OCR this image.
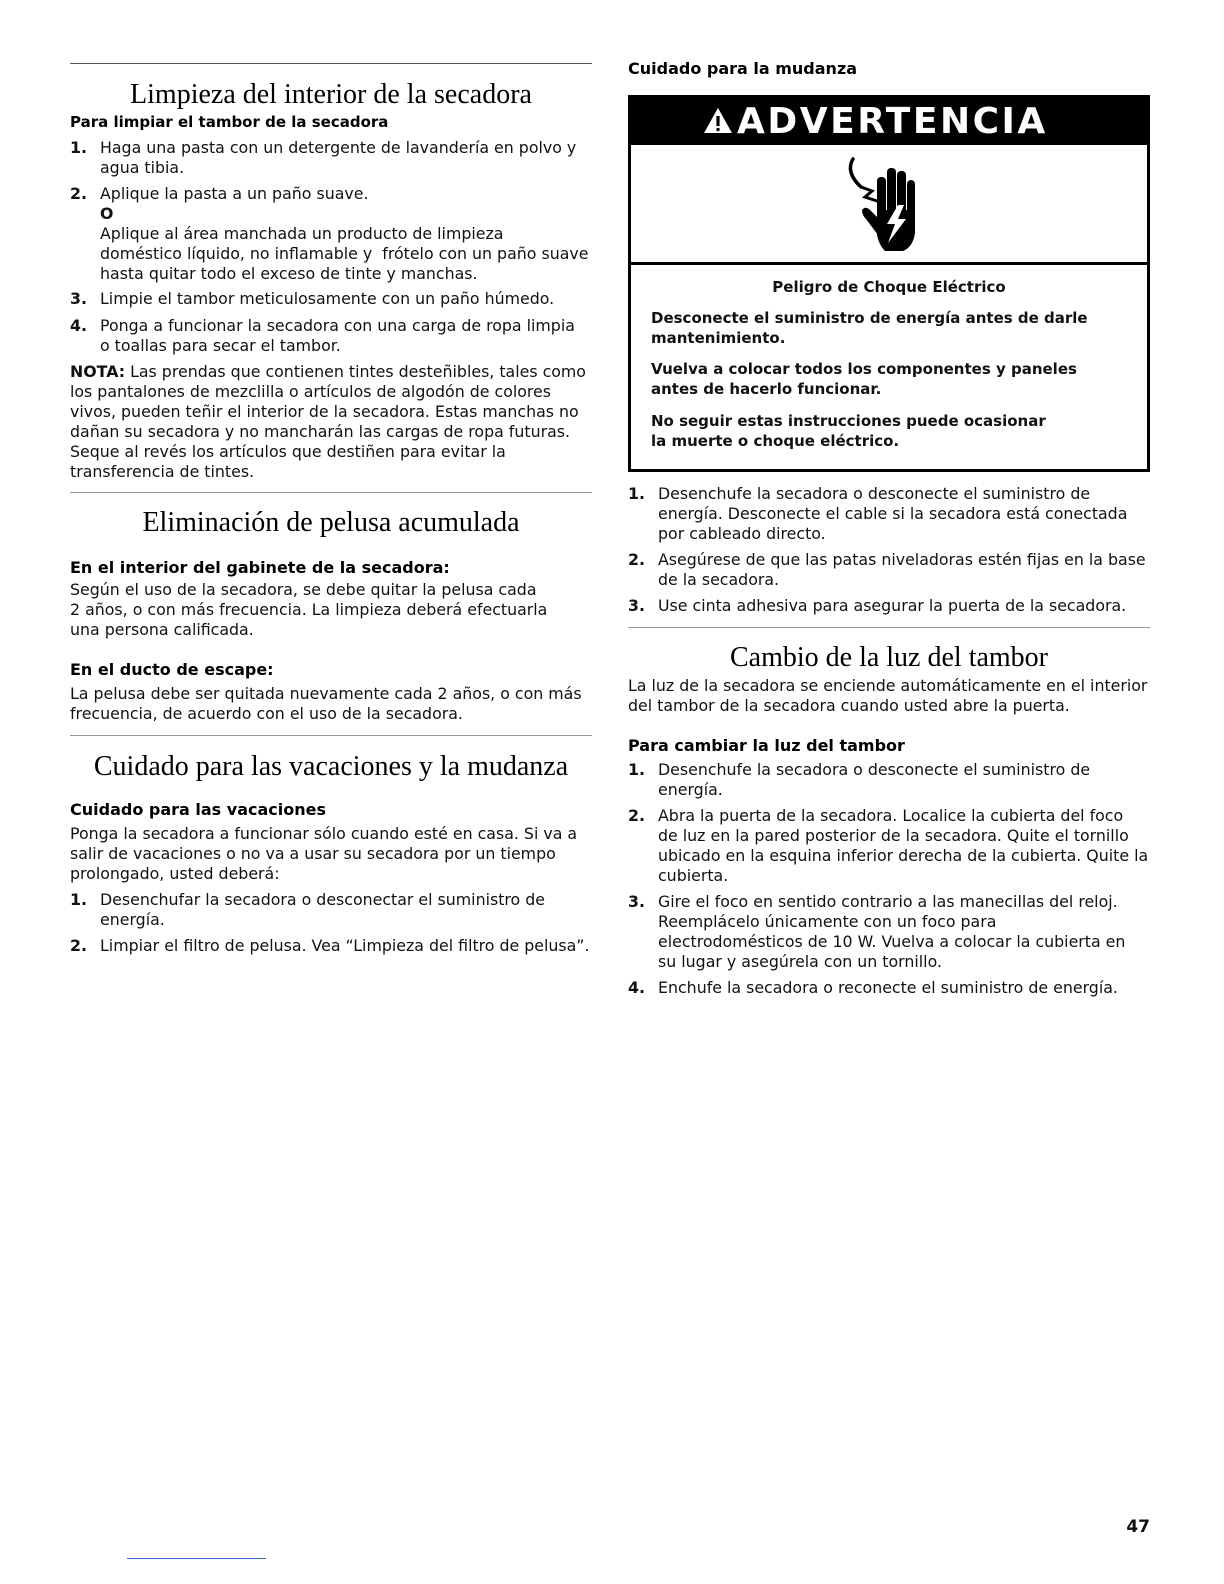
Limpieza del interior de la secadora
Para limpiar el tambor de la secadora
1. Haga una pasta con un detergente de lavandería en polvo y
agua tibia.
2. Aplique la pasta a un paño suave.
O
Aplique al área manchada un producto de limpieza
doméstico líquido, no inflamable y  frótelo con un paño suave
hasta quitar todo el exceso de tinte y manchas.
3. Limpie el tambor meticulosamente con un paño húmedo.
4. Ponga a funcionar la secadora con una carga de ropa limpia
o toallas para secar el tambor.
NOTA: Las prendas que contienen tintes desteñibles, tales como
los pantalones de mezclilla o artículos de algodón de colores
vivos, pueden teñir el interior de la secadora. Estas manchas no
dañan su secadora y no mancharán las cargas de ropa futuras.
Seque al revés los artículos que destiñen para evitar la
transferencia de tintes.
Eliminación de pelusa acumulada
En el interior del gabinete de la secadora:
Según el uso de la secadora, se debe quitar la pelusa cada
2 años, o con más frecuencia. La limpieza deberá efectuarla
una persona calificada.
En el ducto de escape:
La pelusa debe ser quitada nuevamente cada 2 años, o con más
frecuencia, de acuerdo con el uso de la secadora.
Cuidado para las vacaciones y la mudanza
Cuidado para las vacaciones
Ponga la secadora a funcionar sólo cuando esté en casa. Si va a
salir de vacaciones o no va a usar su secadora por un tiempo
prolongado, usted deberá:
1. Desenchufar la secadora o desconectar el suministro de
energía.
2. Limpiar el filtro de pelusa. Vea “Limpieza del filtro de pelusa”.
Cuidado para la mudanza
ADVERTENCIA
Peligro de Choque Eléctrico
Desconecte el suministro de energía antes de darle
mantenimiento.
Vuelva a colocar todos los componentes y paneles
antes de hacerlo funcionar.
No seguir estas instrucciones puede ocasionar
la muerte o choque eléctrico.
1. Desenchufe la secadora o desconecte el suministro de
energía. Desconecte el cable si la secadora está conectada
por cableado directo.
2. Asegúrese de que las patas niveladoras estén fijas en la base
de la secadora.
3. Use cinta adhesiva para asegurar la puerta de la secadora.
Cambio de la luz del tambor
La luz de la secadora se enciende automáticamente en el interior
del tambor de la secadora cuando usted abre la puerta.
Para cambiar la luz del tambor
1. Desenchufe la secadora o desconecte el suministro de
energía.
2. Abra la puerta de la secadora. Localice la cubierta del foco
de luz en la pared posterior de la secadora. Quite el tornillo
ubicado en la esquina inferior derecha de la cubierta. Quite la
cubierta.
3. Gire el foco en sentido contrario a las manecillas del reloj.
Reemplácelo únicamente con un foco para
electrodomésticos de 10 W. Vuelva a colocar la cubierta en
su lugar y asegúrela con un tornillo.
4. Enchufe la secadora o reconecte el suministro de energía.
47
